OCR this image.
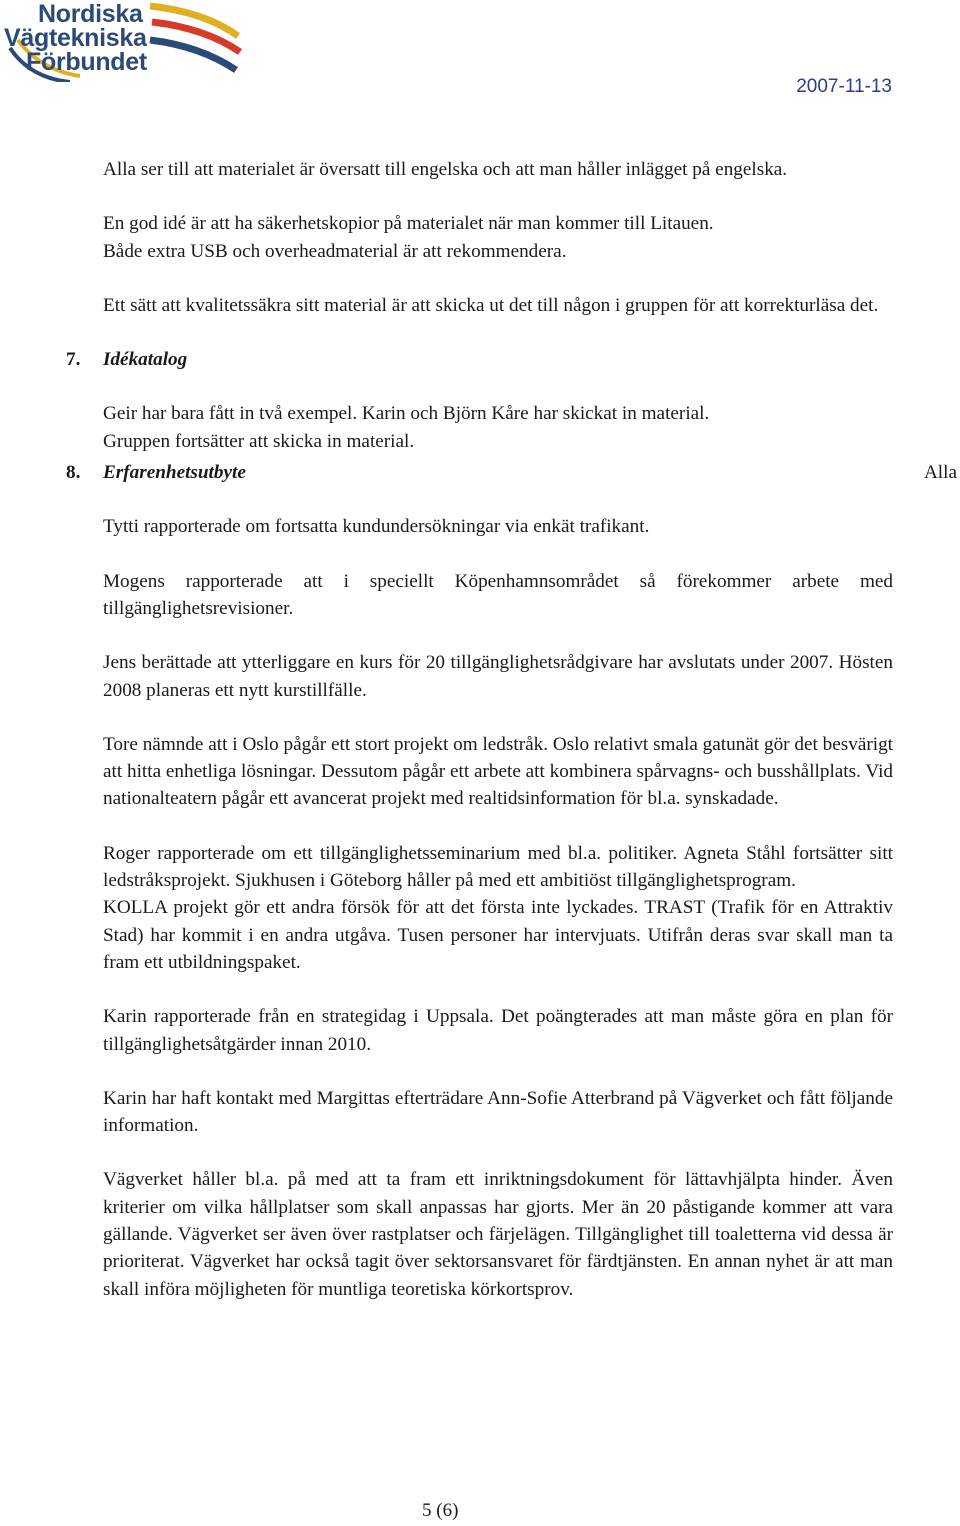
Nordiska
Vägtekniska
Förbundet
2007-11-13

Alla ser till att materialet är översatt till engelska och att man håller inlägget på engelska.

En god idé är att ha säkerhetskopior på materialet när man kommer till Litauen.
Både extra USB och overheadmaterial är att rekommendera.

Ett sätt att kvalitetssäkra sitt material är att skicka ut det till någon i gruppen för att korrekturläsa det.

7. Idékatalog

Geir har bara fått in två exempel. Karin och Björn Kåre har skickat in material.
Gruppen fortsätter att skicka in material.

8. Erfarenhetsutbyte

Tytti rapporterade om fortsatta kundundersökningar via enkät trafikant.

Mogens rapporterade att i speciellt Köpenhamnsområdet så förekommer arbete med tillgänglighetsrevisioner.

Jens berättade att ytterliggare en kurs för 20 tillgänglighetsrådgivare har avslutats under 2007. Hösten 2008 planeras ett nytt kurstillfälle.

Tore nämnde att i Oslo pågår ett stort projekt om ledstråk. Oslo relativt smala gatunät gör det besvärigt att hitta enhetliga lösningar. Dessutom pågår ett arbete att kombinera spårvagns- och busshållplats. Vid nationalteatern pågår ett avancerat projekt med realtidsinformation för bl.a. synskadade.

Roger rapporterade om ett tillgänglighetsseminarium med bl.a. politiker. Agneta Ståhl fortsätter sitt ledstråksprojekt. Sjukhusen i Göteborg håller på med ett ambitiöst tillgänglighetsprogram.

KOLLA projekt gör ett andra försök för att det första inte lyckades. TRAST (Trafik för en Attraktiv Stad) har kommit i en andra utgåva. Tusen personer har intervjuats. Utifrån deras svar skall man ta fram ett utbildningspaket.

Karin rapporterade från en strategidag i Uppsala. Det poängterades att man måste göra en plan för tillgänglighetsåtgärder innan 2010.

Karin har haft kontakt med Margittas efterträdare Ann-Sofie Atterbrand på Vägverket och fått följande information.

Vägverket håller bl.a. på med att ta fram ett inriktningsdokument för lättavhjälpta hinder. Även kriterier om vilka hållplatser som skall anpassas har gjorts. Mer än 20 påstigande kommer att vara gällande. Vägverket ser även över rastplatser och färjelägen. Tillgänglighet till toaletterna vid dessa är prioriterat. Vägverket har också tagit över sektorsansvaret för färdtjänsten. En annan nyhet är att man skall införa möjligheten för muntliga teoretiska körkortsprov.

Alla
5 (6)
